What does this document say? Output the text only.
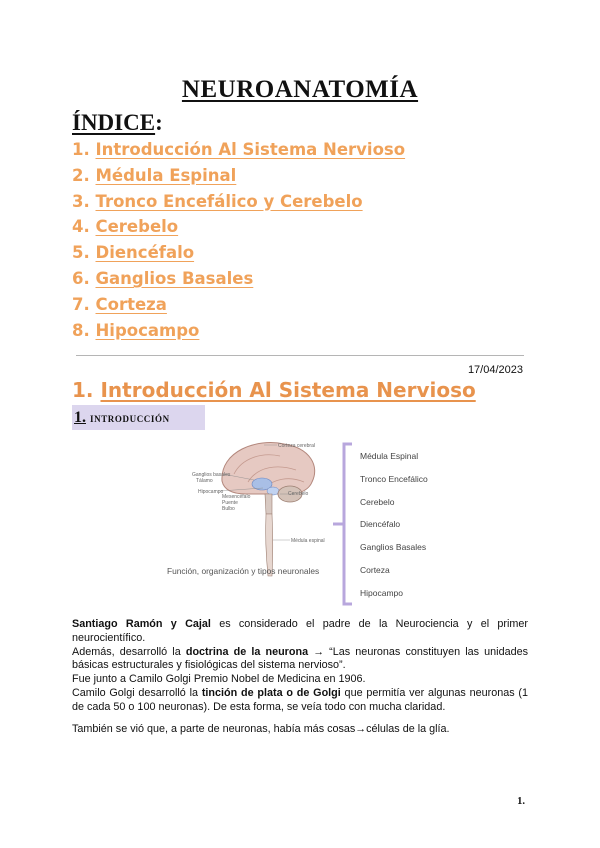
NEUROANATOMÍA
ÍNDICE:
1. Introducción Al Sistema Nervioso
2. Médula Espinal
3. Tronco Encefálico y Cerebelo
4. Cerebelo
5. Diencéfalo
6. Ganglios Basales
7. Corteza
8. Hipocampo
17/04/2023
1. Introducción Al Sistema Nervioso
1. introducción
Corteza cerebral
Ganglios basales
Tálamo
Hipocampo
Mesencéfalo
Puente
Bulbo
Cerebelo
Médula espinal
Función, organización y tipos neuronales
Médula Espinal
Tronco Encefálico
Cerebelo
Diencéfalo
Ganglios Basales
Corteza
Hipocampo

Santiago Ramón y Cajal es considerado el padre de la Neurociencia y el primer neurocientífico.

Además, desarrolló la doctrina de la neurona → “Las neuronas constituyen las unidades básicas estructurales y fisiológicas del sistema nervioso”.

Fue junto a Camilo Golgi Premio Nobel de Medicina en 1906.

Camilo Golgi desarrolló la tinción de plata o de Golgi que permitía ver algunas neuronas (1 de cada 50 o 100 neuronas). De esta forma, se veía todo con mucha claridad.

También se vió que, a parte de neuronas, había más cosas→células de la glía.

1.
